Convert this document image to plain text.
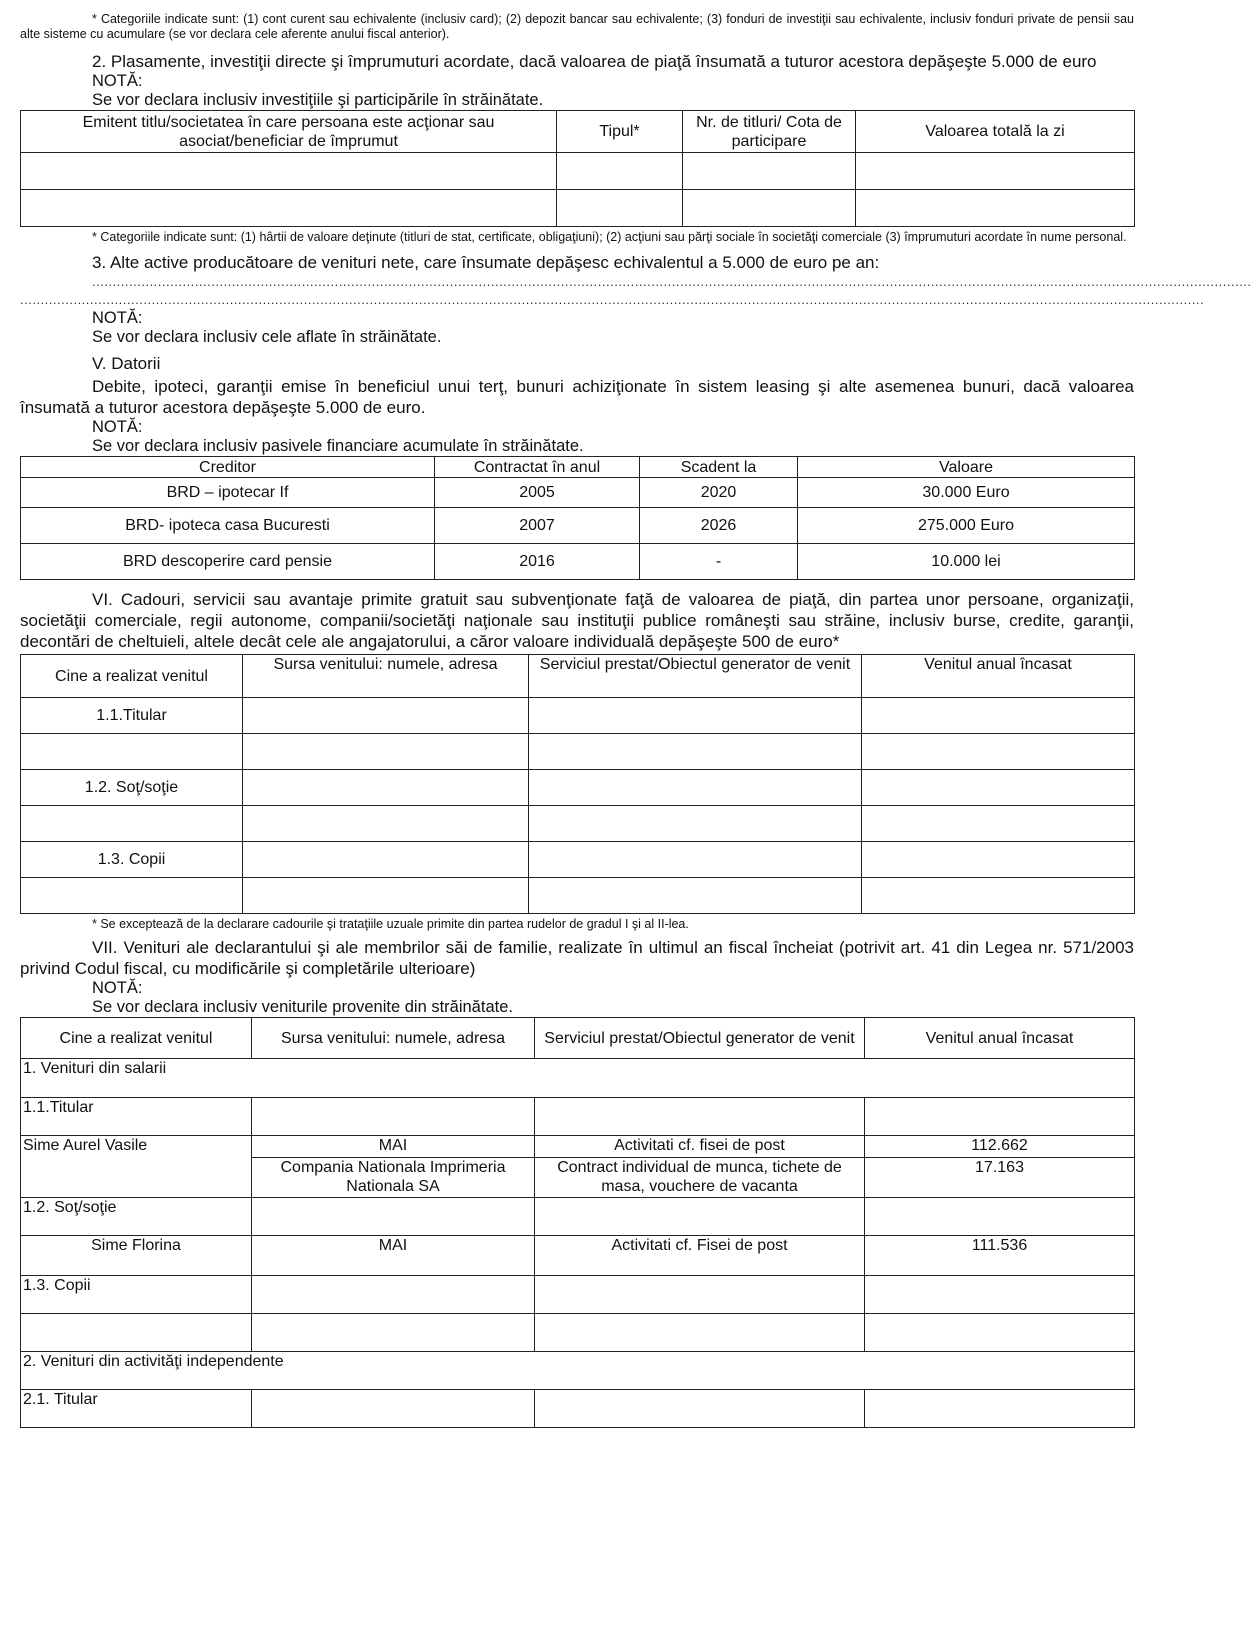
* Categoriile indicate sunt: (1) cont curent sau echivalente (inclusiv card); (2) depozit bancar sau echivalente; (3) fonduri de investiţii sau echivalente, inclusiv fonduri private de pensii sau alte sisteme cu acumulare (se vor declara cele aferente anului fiscal anterior).

2. Plasamente, investiţii directe şi împrumuturi acordate, dacă valoarea de piaţă însumată a tuturor acestora depăşeşte 5.000 de euro

NOTĂ:

Se vor declara inclusiv investiţiile şi participările în străinătate.

Emitent titlu/societatea în care persoana este acţionar sau asociat/beneficiar de împrumut	Tipul*	Nr. de titluri/ Cota de participare	Valoarea totală la zi

* Categoriile indicate sunt: (1) hârtii de valoare deţinute (titluri de stat, certificate, obligaţiuni); (2) acţiuni sau părţi sociale în societăţi comerciale (3) împrumuturi acordate în nume personal.

3. Alte active producătoare de venituri nete, care însumate depăşesc echivalentul a 5.000 de euro pe an:

..........................................................................................................................................................................................................................................................................................

................................................................................................................................................................................................................................................................................................

NOTĂ:

Se vor declara inclusiv cele aflate în străinătate.

V. Datorii

Debite, ipoteci, garanţii emise în beneficiul unui terţ, bunuri achiziţionate în sistem leasing şi alte asemenea bunuri, dacă valoarea însumată a tuturor acestora depăşeşte 5.000 de euro.

NOTĂ:

Se vor declara inclusiv pasivele financiare acumulate în străinătate.

Creditor	Contractat în anul	Scadent la	Valoare
BRD – ipotecar If	2005	2020	30.000 Euro
BRD- ipoteca casa Bucuresti	2007	2026	275.000 Euro
BRD descoperire card pensie	2016	-	10.000 lei

VI. Cadouri, servicii sau avantaje primite gratuit sau subvenţionate faţă de valoarea de piaţă, din partea unor persoane, organizaţii, societăţii comerciale, regii autonome, companii/societăţi naţionale sau instituţii publice româneşti sau străine, inclusiv burse, credite, garanţii, decontări de cheltuieli, altele decât cele ale angajatorului, a căror valoare individuală depăşeşte 500 de euro*

Cine a realizat venitul	Sursa venitului: numele, adresa	Serviciul prestat/Obiectul generator de venit	Venitul anual încasat
1.1.Titular			

1.2. Soţ/soţie			

1.3. Copii			

* Se exceptează de la declarare cadourile şi trataţiile uzuale primite din partea rudelor de gradul I şi al II-lea.

VII. Venituri ale declarantului şi ale membrilor săi de familie, realizate în ultimul an fiscal încheiat (potrivit art. 41 din Legea nr. 571/2003 privind Codul fiscal, cu modificările şi completările ulterioare)

NOTĂ:

Se vor declara inclusiv veniturile provenite din străinătate.

Cine a realizat venitul	Sursa venitului: numele, adresa	Serviciul prestat/Obiectul generator de venit	Venitul anual încasat
1. Venituri din salarii			
1.1.Titular			
Sime Aurel Vasile	MAI	Activitati cf. fisei de post	112.662
	Compania Nationala Imprimeria Nationala SA	Contract individual de munca, tichete de masa, vouchere de vacanta	17.163
1.2. Soţ/soţie			
Sime Florina	MAI	Activitati cf. Fisei de post	111.536
1.3. Copii			

2. Venituri din activităţi independente			
2.1. Titular			
